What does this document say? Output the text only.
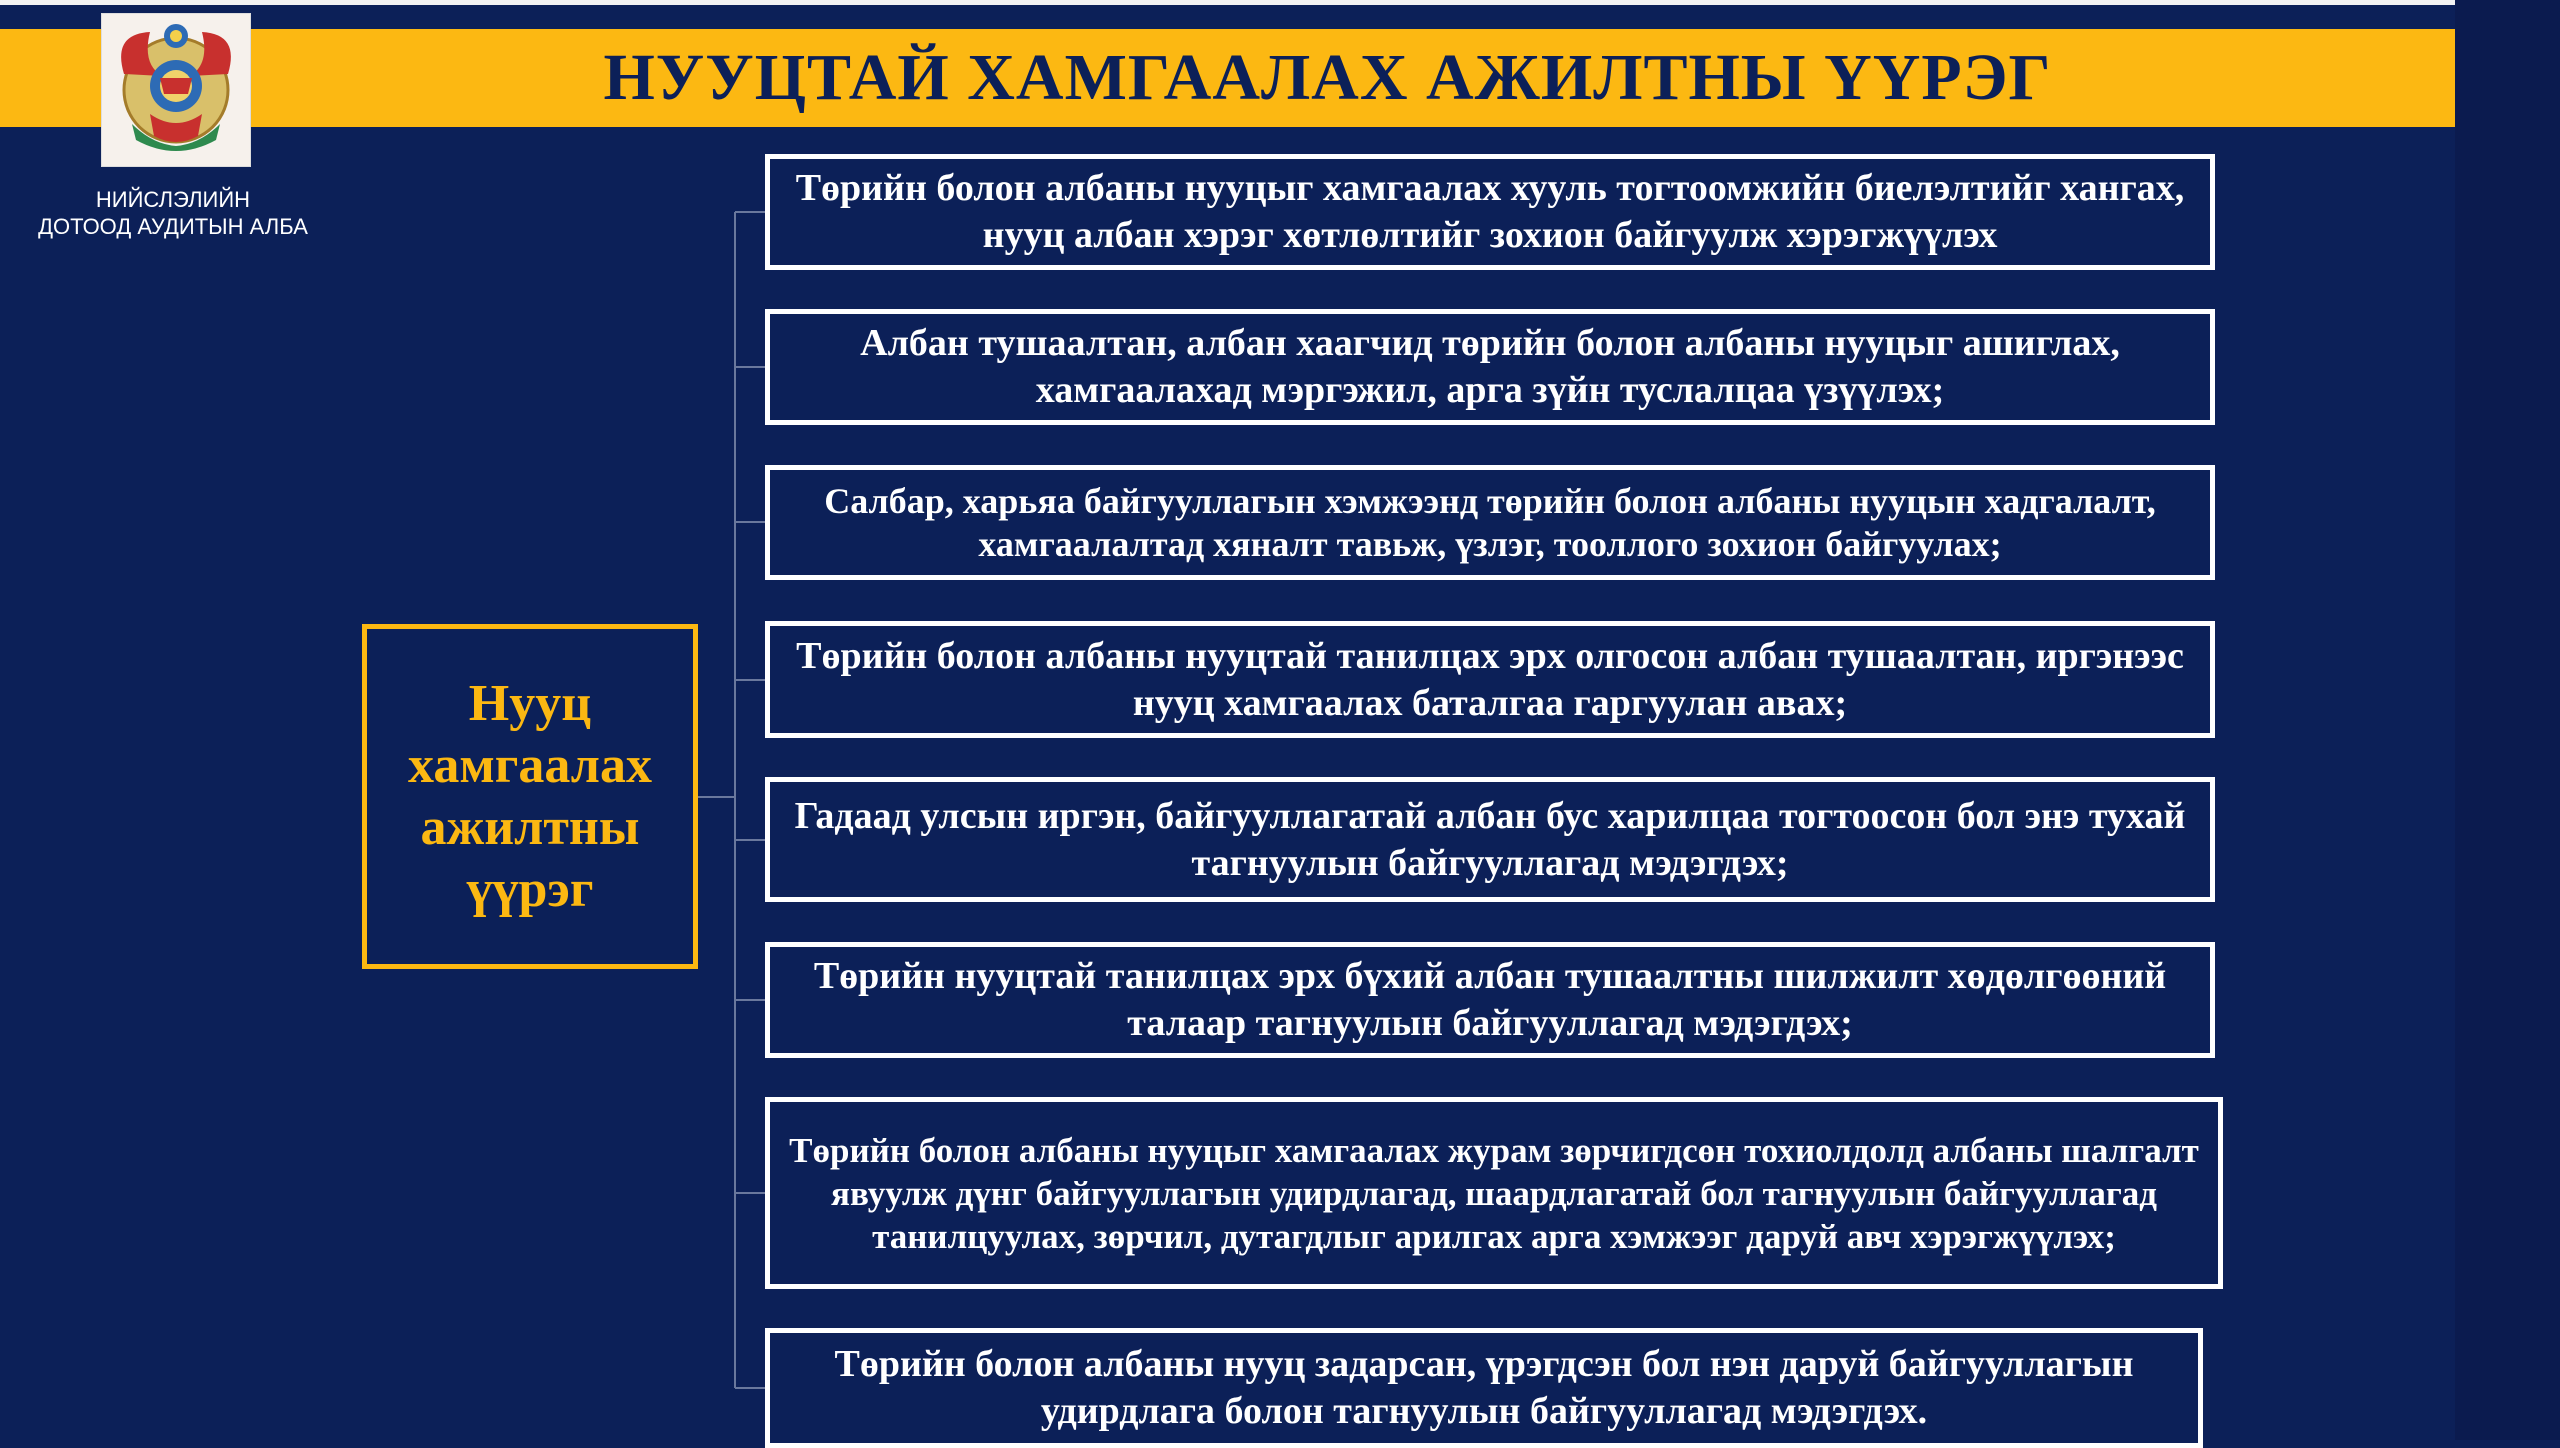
НУУЦТАЙ ХАМГААЛАХ АЖИЛТНЫ ҮҮРЭГ
НИЙСЛЭЛИЙН
ДОТООД АУДИТЫН АЛБА
Нууц хамгаалах ажилтны үүрэг
Төрийн болон албаны нууцыг хамгаалах хууль тогтоомжийн биелэлтийг хангах, нууц албан хэрэг хөтлөлтийг зохион байгуулж хэрэгжүүлэх
Албан тушаалтан, албан хаагчид төрийн болон албаны нууцыг ашиглах, хамгаалахад мэргэжил, арга зүйн туслалцаа үзүүлэх;
Салбар, харьяа байгууллагын хэмжээнд төрийн болон албаны нууцын хадгалалт, хамгаалалтад хяналт тавьж, үзлэг, тооллого зохион байгуулах;
Төрийн болон албаны нууцтай танилцах эрх олгосон албан тушаалтан, иргэнээс нууц хамгаалах баталгаа гаргуулан авах;
Гадаад улсын иргэн, байгууллагатай албан бус харилцаа тогтоосон бол энэ тухай тагнуулын байгууллагад мэдэгдэх;
Төрийн нууцтай танилцах эрх бүхий албан тушаалтны шилжилт хөдөлгөөний талаар тагнуулын байгууллагад мэдэгдэх;
Төрийн болон албаны нууцыг хамгаалах журам зөрчигдсөн тохиолдолд албаны шалгалт явуулж дүнг байгууллагын удирдлагад, шаардлагатай бол тагнуулын байгууллагад танилцуулах, зөрчил, дутагдлыг арилгах арга хэмжээг даруй авч хэрэгжүүлэх;
Төрийн болон албаны нууц задарсан, үрэгдсэн бол нэн даруй байгууллагын удирдлага болон тагнуулын байгууллагад мэдэгдэх.
